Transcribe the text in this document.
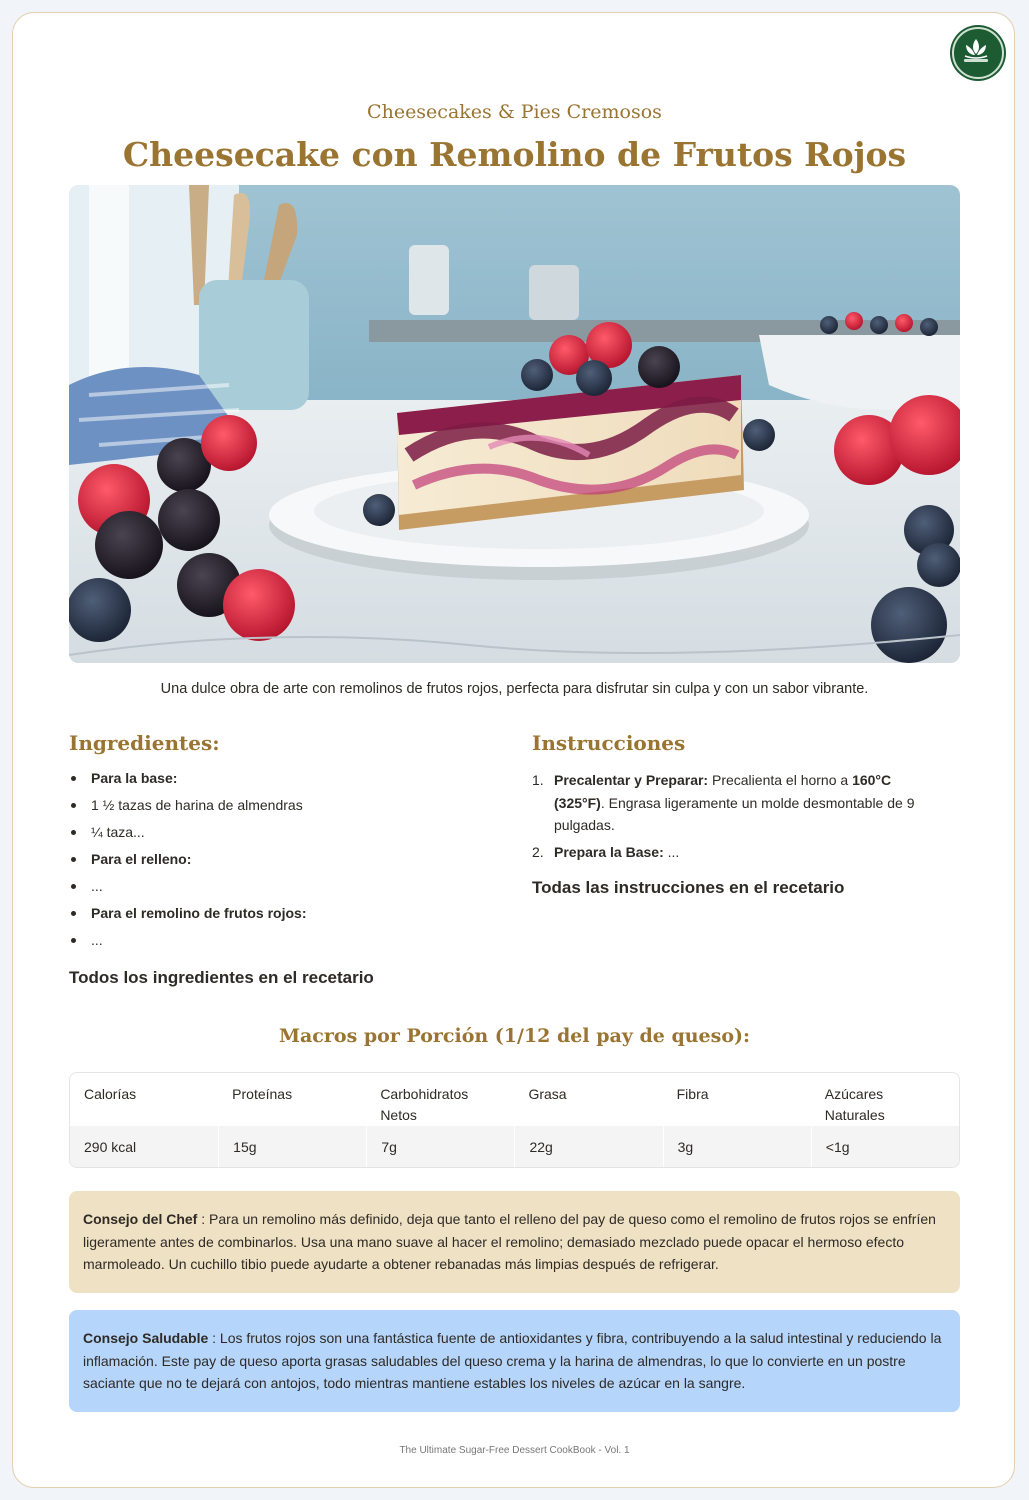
Cheesecakes & Pies Cremosos
Cheesecake con Remolino de Frutos Rojos
Una dulce obra de arte con remolinos de frutos rojos, perfecta para disfrutar sin culpa y con un sabor vibrante.
Ingredientes:
Para la base:
1 ½ tazas de harina de almendras
¼ taza...
Para el relleno:
...
Para el remolino de frutos rojos:
...
Todos los ingredientes en el recetario
Instrucciones
1. Precalentar y Preparar: Precalienta el horno a 160°C (325°F). Engrasa ligeramente un molde desmontable de 9 pulgadas.
2. Prepara la Base: ...
Todas las instrucciones en el recetario
Macros por Porción (1/12 del pay de queso):
Calorías	Proteínas	Carbohidratos Netos	Grasa	Fibra	Azúcares Naturales
290 kcal	15g	7g	22g	3g	<1g
Consejo del Chef : Para un remolino más definido, deja que tanto el relleno del pay de queso como el remolino de frutos rojos se enfríen ligeramente antes de combinarlos. Usa una mano suave al hacer el remolino; demasiado mezclado puede opacar el hermoso efecto marmoleado. Un cuchillo tibio puede ayudarte a obtener rebanadas más limpias después de refrigerar.
Consejo Saludable : Los frutos rojos son una fantástica fuente de antioxidantes y fibra, contribuyendo a la salud intestinal y reduciendo la inflamación. Este pay de queso aporta grasas saludables del queso crema y la harina de almendras, lo que lo convierte en un postre saciante que no te dejará con antojos, todo mientras mantiene estables los niveles de azúcar en la sangre.
The Ultimate Sugar-Free Dessert CookBook - Vol. 1
